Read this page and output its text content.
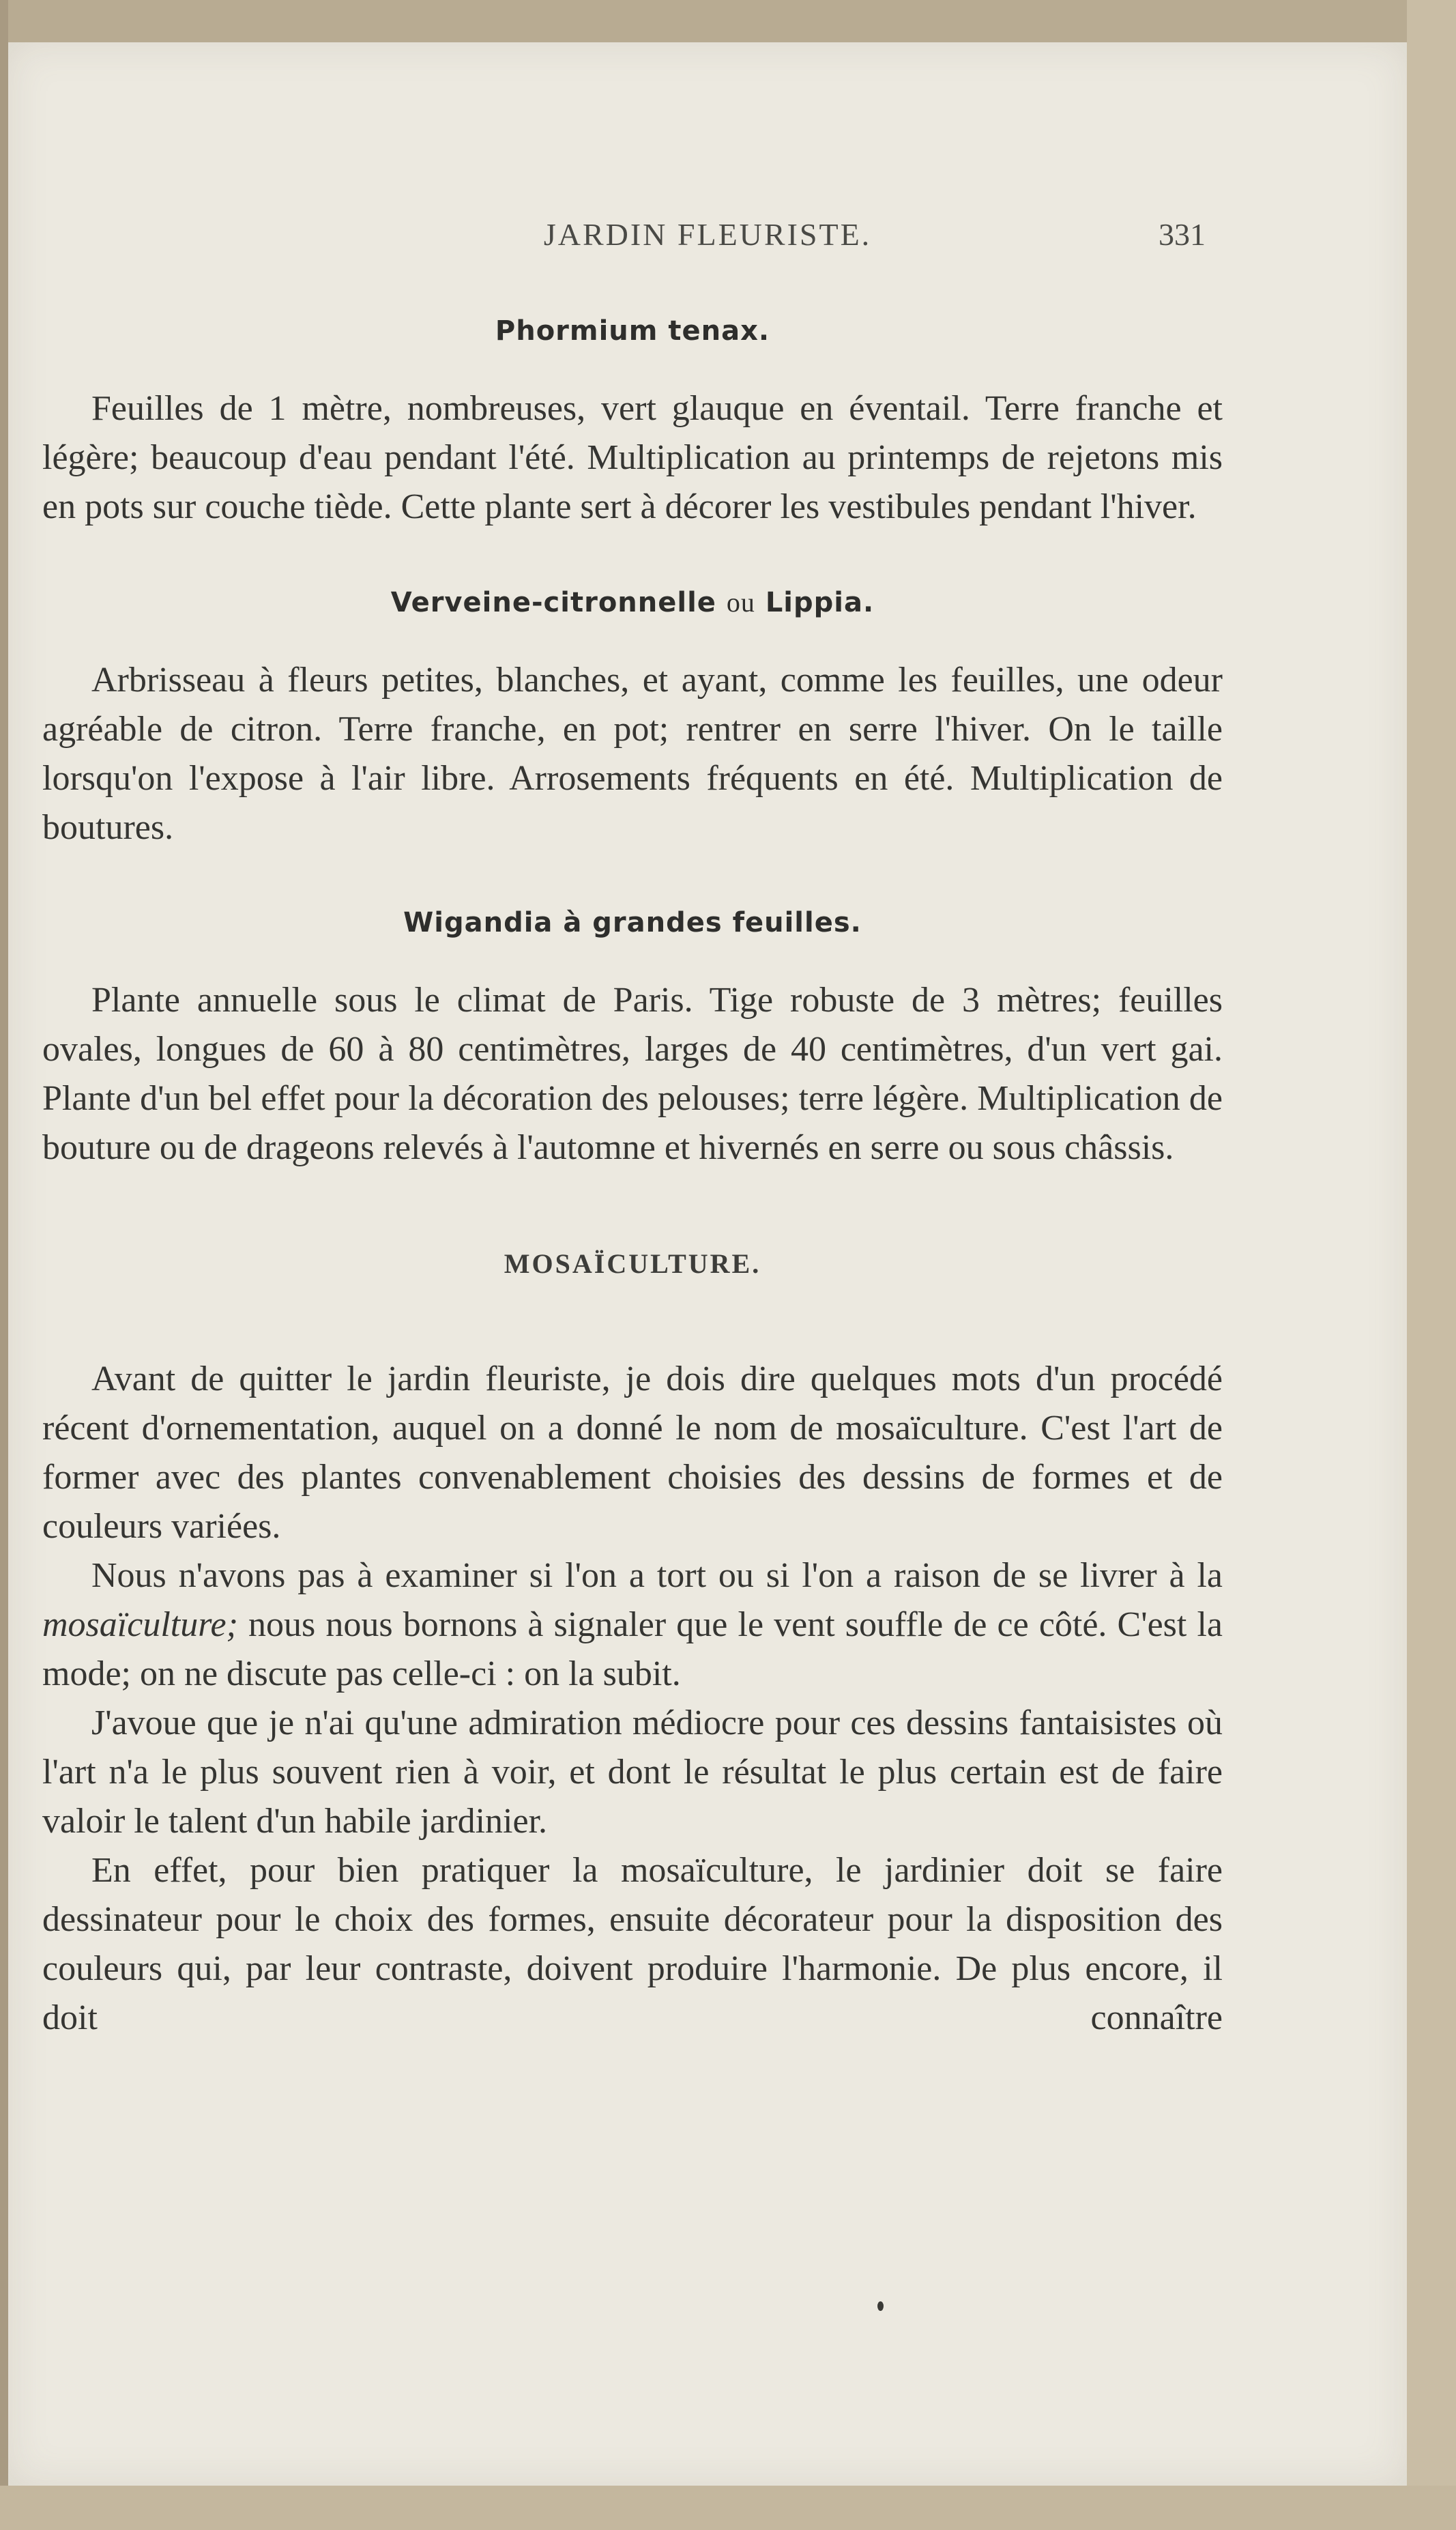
JARDIN FLEURISTE.	331
Phormium tenax.

Feuilles de 1 mètre, nombreuses, vert glauque en éventail. Terre franche et légère; beaucoup d'eau pendant l'été. Multiplication au printemps de rejetons mis en pots sur couche tiède. Cette plante sert à décorer les vestibules pendant l'hiver.

Verveine-citronnelle ou Lippia.

Arbrisseau à fleurs petites, blanches, et ayant, comme les feuilles, une odeur agréable de citron. Terre franche, en pot; rentrer en serre l'hiver. On le taille lorsqu'on l'expose à l'air libre. Arrosements fréquents en été. Multiplication de boutures.

Wigandia à grandes feuilles.

Plante annuelle sous le climat de Paris. Tige robuste de 3 mètres; feuilles ovales, longues de 60 à 80 centimètres, larges de 40 centimètres, d'un vert gai. Plante d'un bel effet pour la décoration des pelouses; terre légère. Multiplication de bouture ou de drageons relevés à l'automne et hivernés en serre ou sous châssis.

MOSAÏCULTURE.

Avant de quitter le jardin fleuriste, je dois dire quelques mots d'un procédé récent d'ornementation, auquel on a donné le nom de mosaïculture. C'est l'art de former avec des plantes convenablement choisies des dessins de formes et de couleurs variées.

Nous n'avons pas à examiner si l'on a tort ou si l'on a raison de se livrer à la mosaïculture; nous nous bornons à signaler que le vent souffle de ce côté. C'est la mode; on ne discute pas celle-ci : on la subit.

J'avoue que je n'ai qu'une admiration médiocre pour ces dessins fantaisistes où l'art n'a le plus souvent rien à voir, et dont le résultat le plus certain est de faire valoir le talent d'un habile jardinier.

En effet, pour bien pratiquer la mosaïculture, le jardinier doit se faire dessinateur pour le choix des formes, ensuite décorateur pour la disposition des couleurs qui, par leur contraste, doivent produire l'harmonie. De plus encore, il doit connaître
